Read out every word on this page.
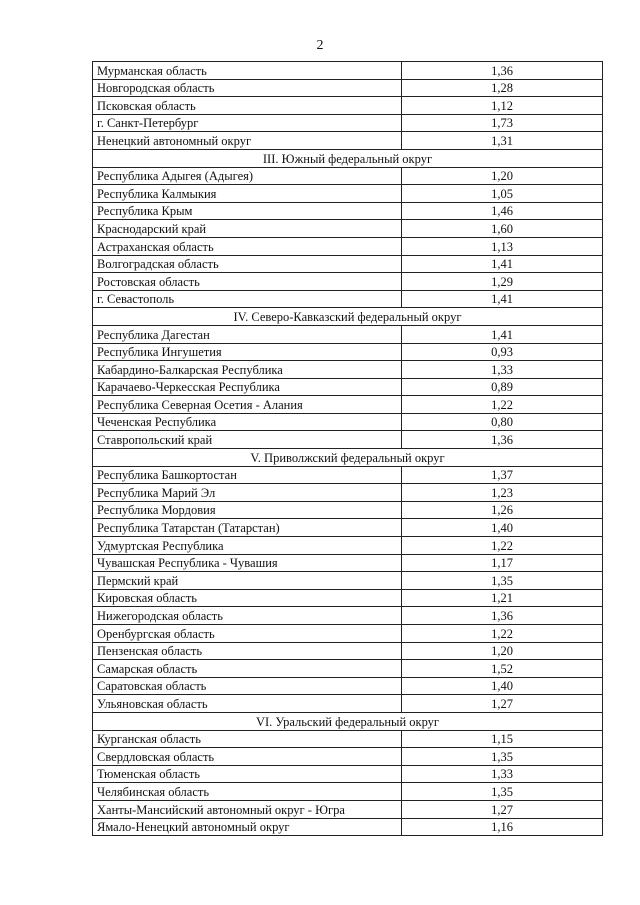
2
Мурманская область	1,36
Новгородская область	1,28
Псковская область	1,12
г. Санкт-Петербург	1,73
Ненецкий автономный округ	1,31
III. Южный федеральный округ	
Республика Адыгея (Адыгея)	1,20
Республика Калмыкия	1,05
Республика Крым	1,46
Краснодарский край	1,60
Астраханская область	1,13
Волгоградская область	1,41
Ростовская область	1,29
г. Севастополь	1,41
IV. Северо-Кавказский федеральный округ	
Республика Дагестан	1,41
Республика Ингушетия	0,93
Кабардино-Балкарская Республика	1,33
Карачаево-Черкесская Республика	0,89
Республика Северная Осетия - Алания	1,22
Чеченская Республика	0,80
Ставропольский край	1,36
V. Приволжский федеральный округ	
Республика Башкортостан	1,37
Республика Марий Эл	1,23
Республика Мордовия	1,26
Республика Татарстан (Татарстан)	1,40
Удмуртская Республика	1,22
Чувашская Республика - Чувашия	1,17
Пермский край	1,35
Кировская область	1,21
Нижегородская область	1,36
Оренбургская область	1,22
Пензенская область	1,20
Самарская область	1,52
Саратовская область	1,40
Ульяновская область	1,27
VI. Уральский федеральный округ	
Курганская область	1,15
Свердловская область	1,35
Тюменская область	1,33
Челябинская область	1,35
Ханты-Мансийский автономный округ - Югра	1,27
Ямало-Ненецкий автономный округ	1,16
